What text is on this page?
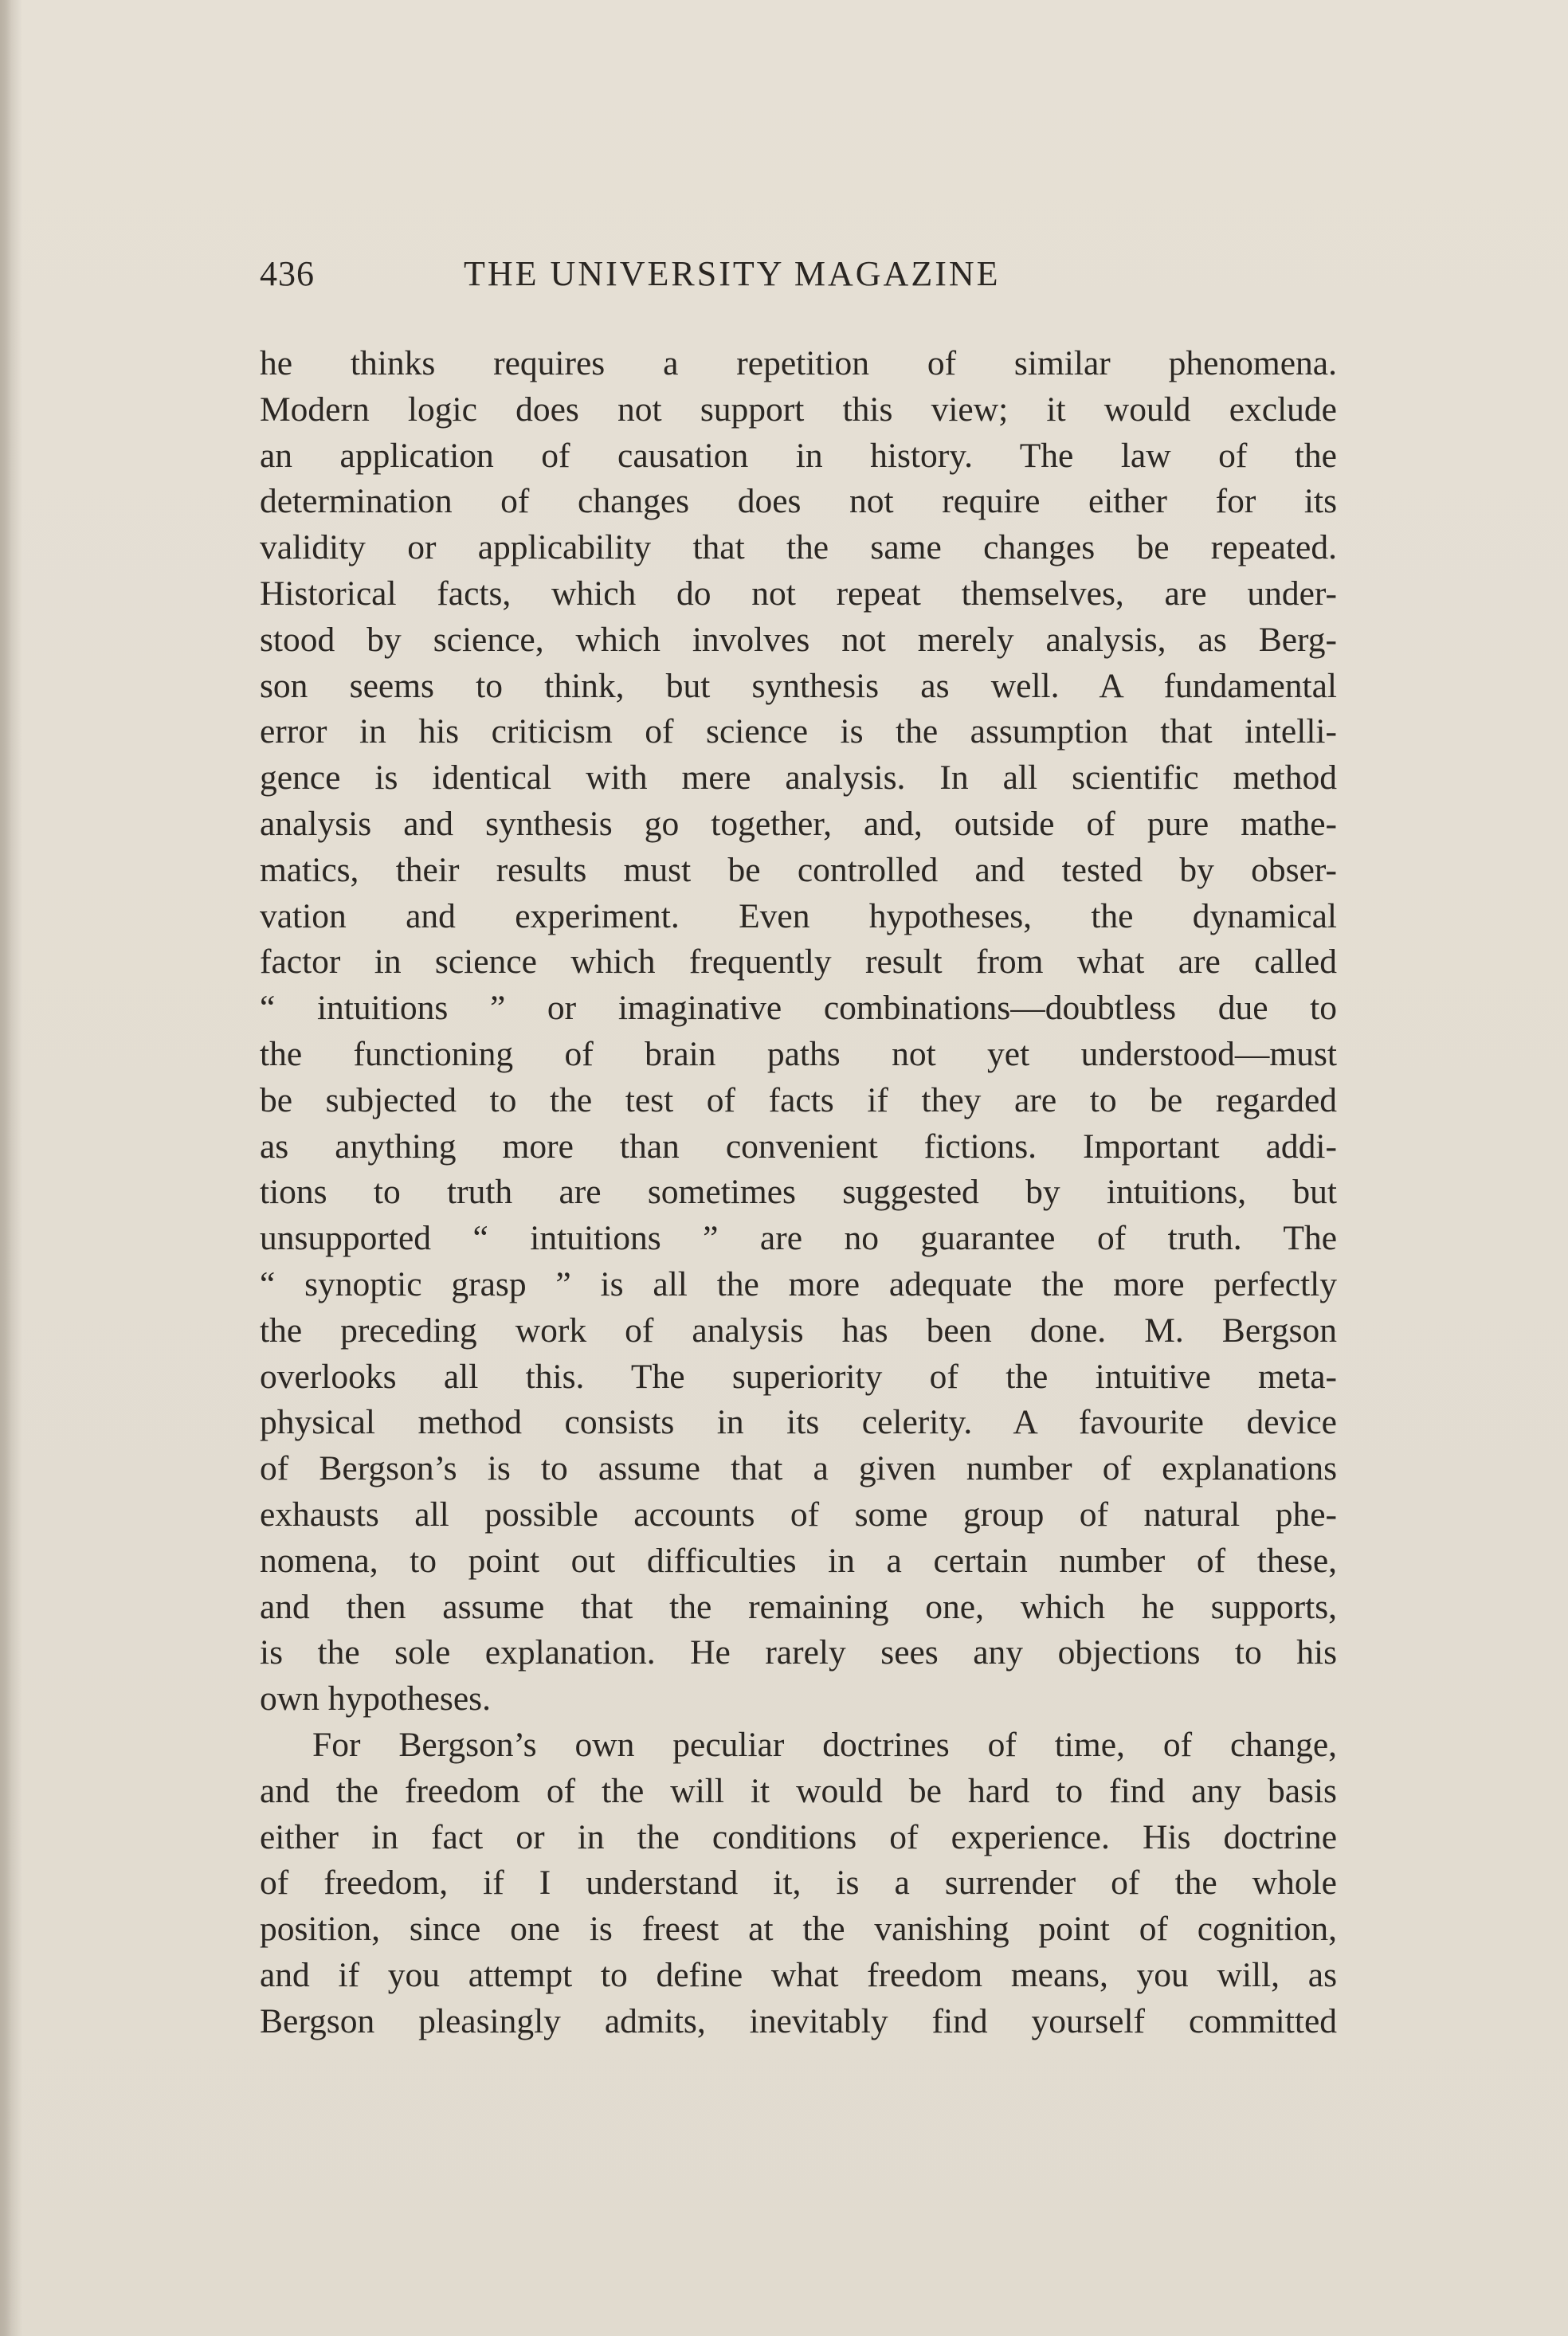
436	THE UNIVERSITY MAGAZINE
he thinks requires a repetition of similar phenomena.
Modern logic does not support this view; it would exclude
an application of causation in history. The law of the
determination of changes does not require either for its
validity or applicability that the same changes be repeated.
Historical facts, which do not repeat themselves, are under-
stood by science, which involves not merely analysis, as Berg-
son seems to think, but synthesis as well. A fundamental
error in his criticism of science is the assumption that intelli-
gence is identical with mere analysis. In all scientific method
analysis and synthesis go together, and, outside of pure mathe-
matics, their results must be controlled and tested by obser-
vation and experiment. Even hypotheses, the dynamical
factor in science which frequently result from what are called
“ intuitions ” or imaginative combinations—doubtless due to
the functioning of brain paths not yet understood—must
be subjected to the test of facts if they are to be regarded
as anything more than convenient fictions. Important addi-
tions to truth are sometimes suggested by intuitions, but
unsupported “ intuitions ” are no guarantee of truth. The
“ synoptic grasp ” is all the more adequate the more perfectly
the preceding work of analysis has been done. M. Bergson
overlooks all this. The superiority of the intuitive meta-
physical method consists in its celerity. A favourite device
of Bergson’s is to assume that a given number of explanations
exhausts all possible accounts of some group of natural phe-
nomena, to point out difficulties in a certain number of these,
and then assume that the remaining one, which he supports,
is the sole explanation. He rarely sees any objections to his
own hypotheses.
For Bergson’s own peculiar doctrines of time, of change,
and the freedom of the will it would be hard to find any basis
either in fact or in the conditions of experience. His doctrine
of freedom, if I understand it, is a surrender of the whole
position, since one is freest at the vanishing point of cognition,
and if you attempt to define what freedom means, you will, as
Bergson pleasingly admits, inevitably find yourself committed
